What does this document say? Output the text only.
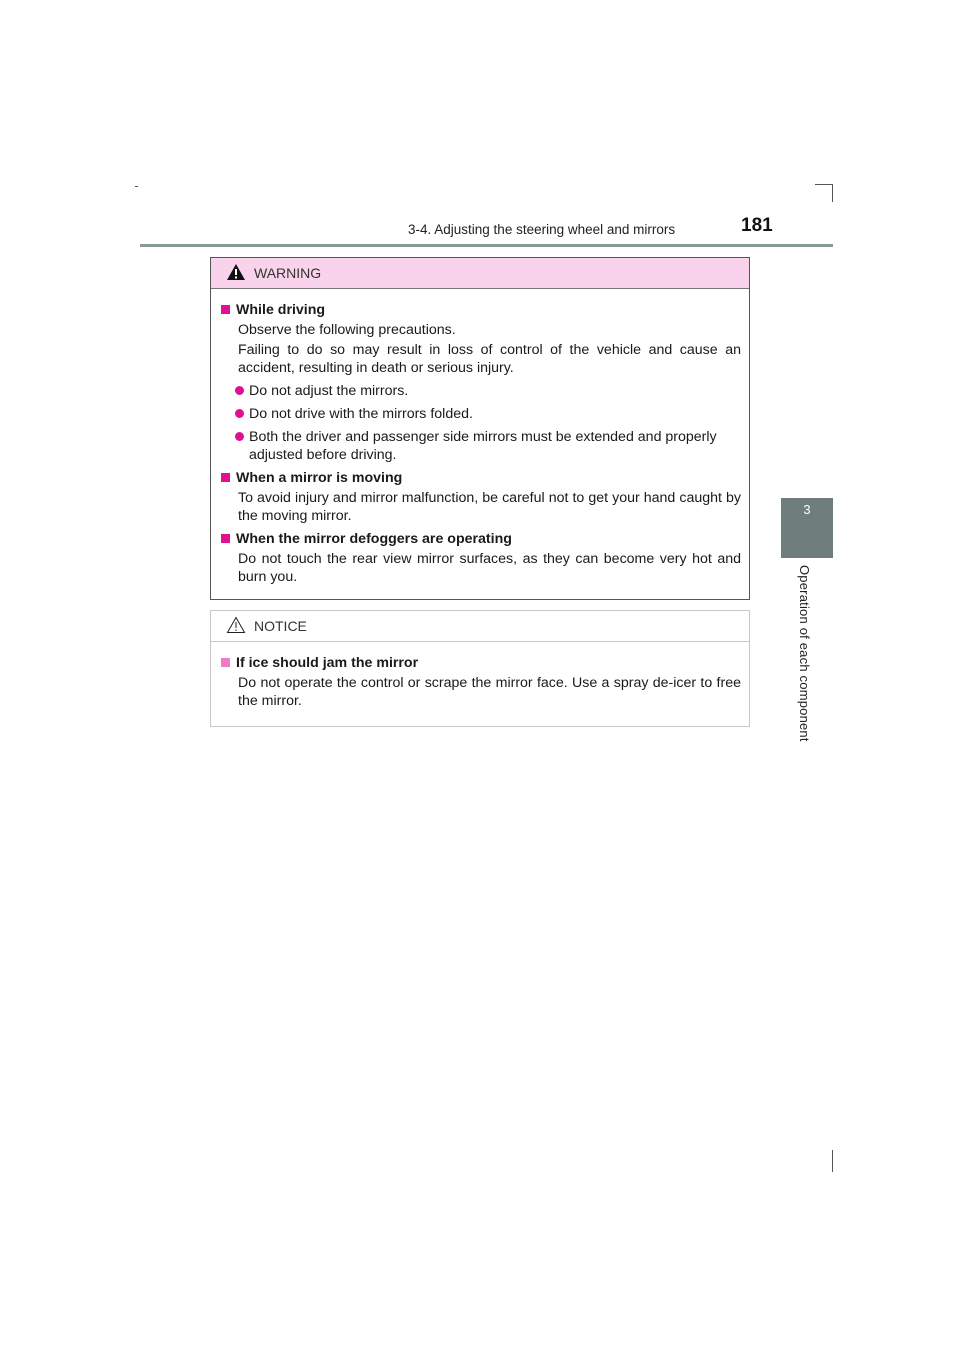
3-4. Adjusting the steering wheel and mirrors	181
3
Operation of each component
WARNING
While driving
Observe the following precautions.
Failing to do so may result in loss of control of the vehicle and cause an accident, resulting in death or serious injury.
Do not adjust the mirrors.
Do not drive with the mirrors folded.
Both the driver and passenger side mirrors must be extended and properly adjusted before driving.
When a mirror is moving
To avoid injury and mirror malfunction, be careful not to get your hand caught by the moving mirror.
When the mirror defoggers are operating
Do not touch the rear view mirror surfaces, as they can become very hot and burn you.
NOTICE
If ice should jam the mirror
Do not operate the control or scrape the mirror face. Use a spray de-icer to free the mirror.
